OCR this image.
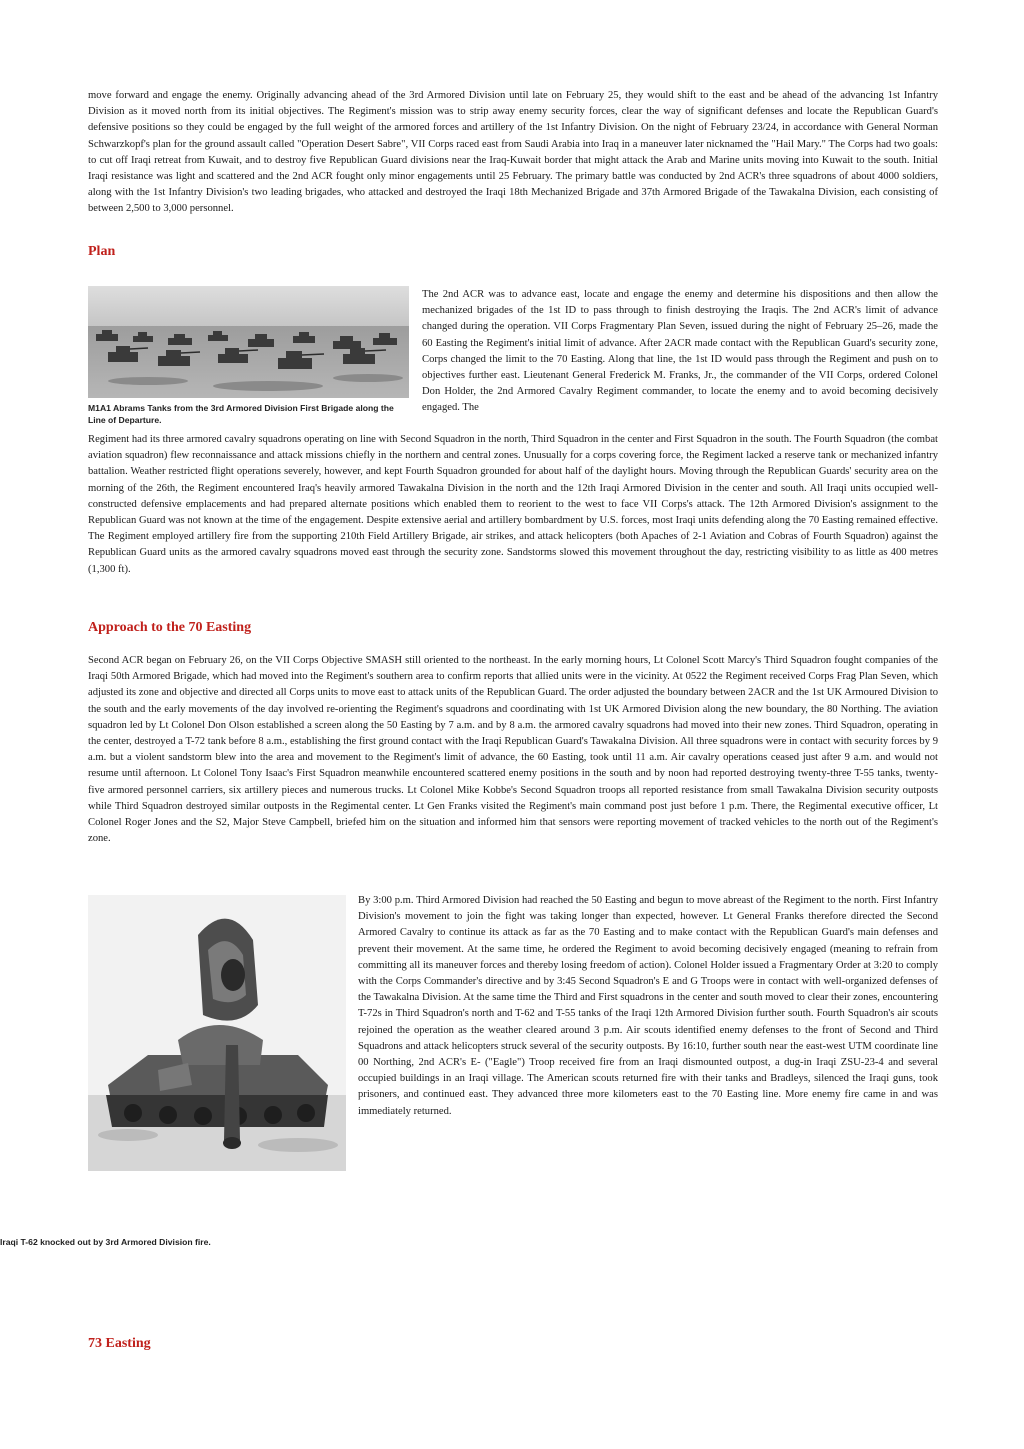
move forward and engage the enemy. Originally advancing ahead of the 3rd Armored Division until late on February 25, they would shift to the east and be ahead of the advancing 1st Infantry Division as it moved north from its initial objectives. The Regiment's mission was to strip away enemy security forces, clear the way of significant defenses and locate the Republican Guard's defensive positions so they could be engaged by the full weight of the armored forces and artillery of the 1st Infantry Division. On the night of February 23/24, in accordance with General Norman Schwarzkopf's plan for the ground assault called "Operation Desert Sabre", VII Corps raced east from Saudi Arabia into Iraq in a maneuver later nicknamed the "Hail Mary." The Corps had two goals: to cut off Iraqi retreat from Kuwait, and to destroy five Republican Guard divisions near the Iraq-Kuwait border that might attack the Arab and Marine units moving into Kuwait to the south. Initial Iraqi resistance was light and scattered and the 2nd ACR fought only minor engagements until 25 February. The primary battle was conducted by 2nd ACR's three squadrons of about 4000 soldiers, along with the 1st Infantry Division's two leading brigades, who attacked and destroyed the Iraqi 18th Mechanized Brigade and 37th Armored Brigade of the Tawakalna Division, each consisting of between 2,500 to 3,000 personnel.

Plan

M1A1 Abrams Tanks from the 3rd Armored Division First Brigade along the Line of Departure.

The 2nd ACR was to advance east, locate and engage the enemy and determine his dispositions and then allow the mechanized brigades of the 1st ID to pass through to finish destroying the Iraqis. The 2nd ACR's limit of advance changed during the operation. VII Corps Fragmentary Plan Seven, issued during the night of February 25–26, made the 60 Easting the Regiment's initial limit of advance. After 2ACR made contact with the Republican Guard's security zone, Corps changed the limit to the 70 Easting. Along that line, the 1st ID would pass through the Regiment and push on to objectives further east. Lieutenant General Frederick M. Franks, Jr., the commander of the VII Corps, ordered Colonel Don Holder, the 2nd Armored Cavalry Regiment commander, to locate the enemy and to avoid becoming decisively engaged. The

Regiment had its three armored cavalry squadrons operating on line with Second Squadron in the north, Third Squadron in the center and First Squadron in the south. The Fourth Squadron (the combat aviation squadron) flew reconnaissance and attack missions chiefly in the northern and central zones. Unusually for a corps covering force, the Regiment lacked a reserve tank or mechanized infantry battalion. Weather restricted flight operations severely, however, and kept Fourth Squadron grounded for about half of the daylight hours. Moving through the Republican Guards' security area on the morning of the 26th, the Regiment encountered Iraq's heavily armored Tawakalna Division in the north and the 12th Iraqi Armored Division in the center and south. All Iraqi units occupied well-constructed defensive emplacements and had prepared alternate positions which enabled them to reorient to the west to face VII Corps's attack. The 12th Armored Division's assignment to the Republican Guard was not known at the time of the engagement. Despite extensive aerial and artillery bombardment by U.S. forces, most Iraqi units defending along the 70 Easting remained effective. The Regiment employed artillery fire from the supporting 210th Field Artillery Brigade, air strikes, and attack helicopters (both Apaches of 2-1 Aviation and Cobras of Fourth Squadron) against the Republican Guard units as the armored cavalry squadrons moved east through the security zone. Sandstorms slowed this movement throughout the day, restricting visibility to as little as 400 metres (1,300 ft).

Approach to the 70 Easting

Second ACR began on February 26, on the VII Corps Objective SMASH still oriented to the northeast. In the early morning hours, Lt Colonel Scott Marcy's Third Squadron fought companies of the Iraqi 50th Armored Brigade, which had moved into the Regiment's southern area to confirm reports that allied units were in the vicinity. At 0522 the Regiment received Corps Frag Plan Seven, which adjusted its zone and objective and directed all Corps units to move east to attack units of the Republican Guard. The order adjusted the boundary between 2ACR and the 1st UK Armoured Division to the south and the early movements of the day involved re-orienting the Regiment's squadrons and coordinating with 1st UK Armored Division along the new boundary, the 80 Northing. The aviation squadron led by Lt Colonel Don Olson established a screen along the 50 Easting by 7 a.m. and by 8 a.m. the armored cavalry squadrons had moved into their new zones. Third Squadron, operating in the center, destroyed a T-72 tank before 8 a.m., establishing the first ground contact with the Iraqi Republican Guard's Tawakalna Division. All three squadrons were in contact with security forces by 9 a.m. but a violent sandstorm blew into the area and movement to the Regiment's limit of advance, the 60 Easting, took until 11 a.m. Air cavalry operations ceased just after 9 a.m. and would not resume until afternoon. Lt Colonel Tony Isaac's First Squadron meanwhile encountered scattered enemy positions in the south and by noon had reported destroying twenty-three T-55 tanks, twenty-five armored personnel carriers, six artillery pieces and numerous trucks. Lt Colonel Mike Kobbe's Second Squadron troops all reported resistance from small Tawakalna Division security outposts while Third Squadron destroyed similar outposts in the Regimental center. Lt Gen Franks visited the Regiment's main command post just before 1 p.m. There, the Regimental executive officer, Lt Colonel Roger Jones and the S2, Major Steve Campbell, briefed him on the situation and informed him that sensors were reporting movement of tracked vehicles to the north out of the Regiment's zone.

By 3:00 p.m. Third Armored Division had reached the 50 Easting and begun to move abreast of the Regiment to the north. First Infantry Division's movement to join the fight was taking longer than expected, however. Lt General Franks therefore directed the Second Armored Cavalry to continue its attack as far as the 70 Easting and to make contact with the Republican Guard's main defenses and prevent their movement. At the same time, he ordered the Regiment to avoid becoming decisively engaged (meaning to refrain from committing all its maneuver forces and thereby losing freedom of action). Colonel Holder issued a Fragmentary Order at 3:20 to comply with the Corps Commander's directive and by 3:45 Second Squadron's E and G Troops were in contact with well-organized defenses of the Tawakalna Division. At the same time the Third and First squadrons in the center and south moved to clear their zones, encountering T-72s in Third Squadron's north and T-62 and T-55 tanks of the Iraqi 12th Armored Division further south. Fourth Squadron's air scouts rejoined the operation as the weather cleared around 3 p.m. Air scouts identified enemy defenses to the front of Second and Third Squadrons and attack helicopters struck several of the security outposts. By 16:10, further south near the east-west UTM coordinate line 00 Northing, 2nd ACR's E- ("Eagle") Troop received fire from an Iraqi dismounted outpost, a dug-in Iraqi ZSU-23-4 and several occupied buildings in an Iraqi village. The American scouts returned fire with their tanks and Bradleys, silenced the Iraqi guns, took prisoners, and continued east. They advanced three more kilometers east to the 70 Easting line. More enemy fire came in and was immediately returned.

Iraqi T-62 knocked out by 3rd Armored Division fire.

73 Easting
